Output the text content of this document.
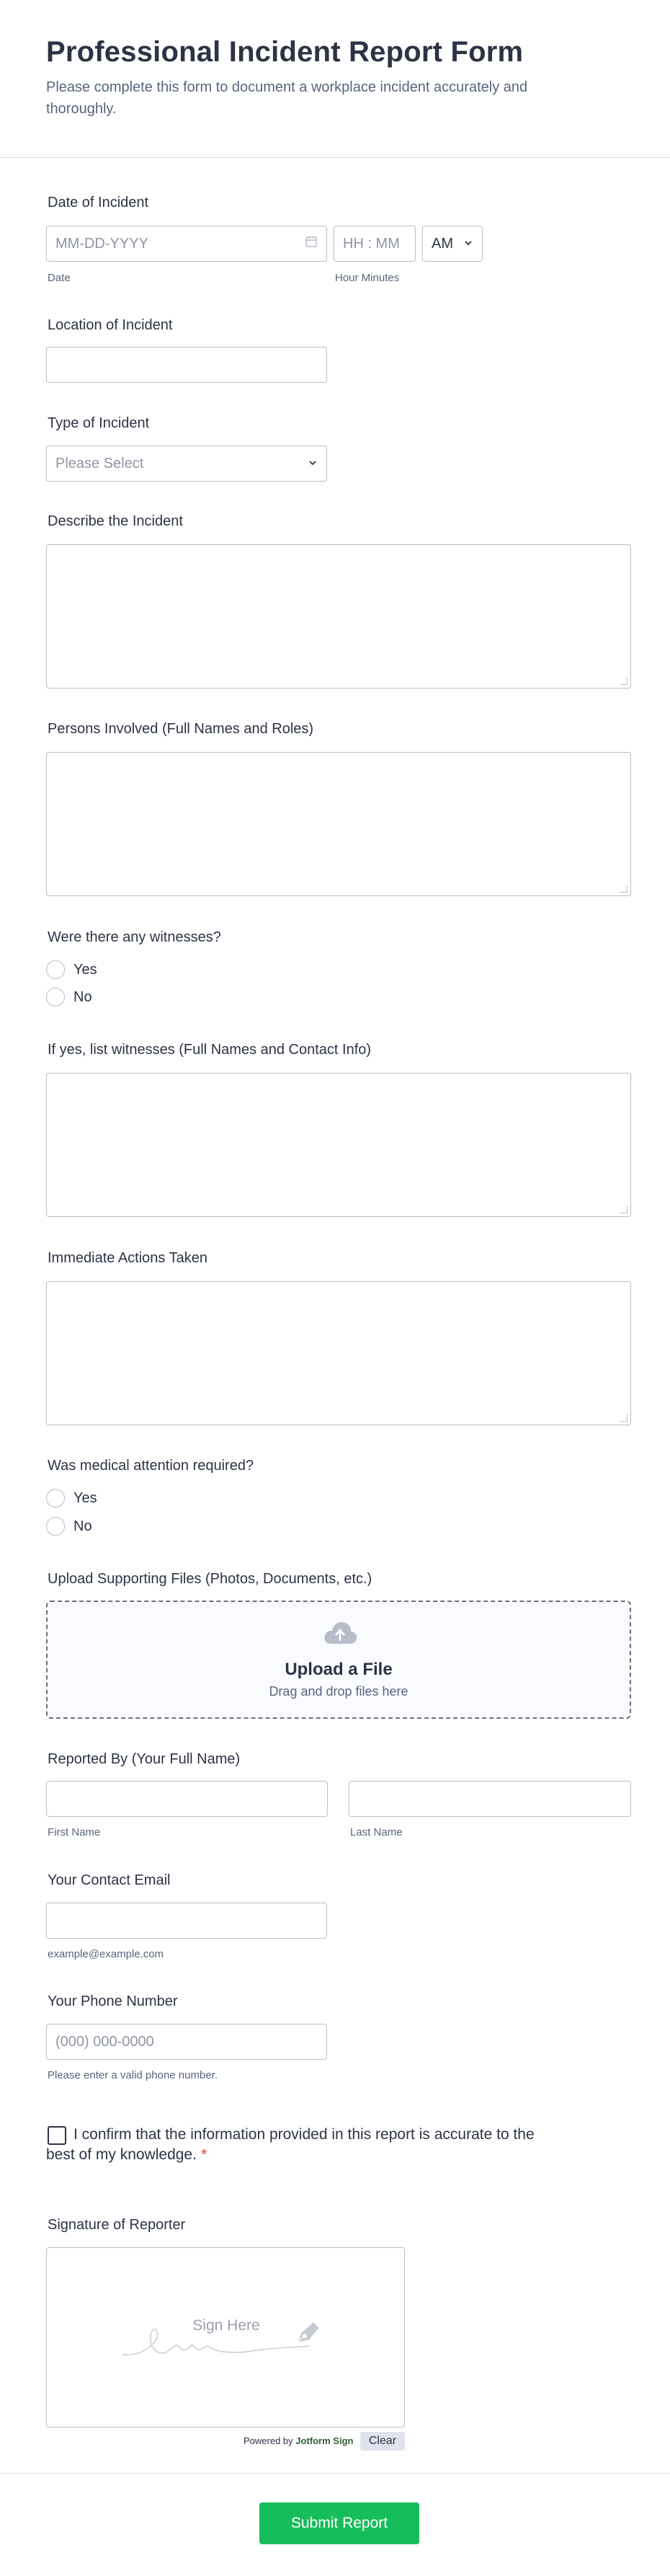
Professional Incident Report Form
Please complete this form to document a workplace incident accurately and thoroughly.
Date of Incident
MM-DD-YYYY
Date
HH : MM
Hour Minutes
AM
Location of Incident
Type of Incident
Please Select
Describe the Incident
Persons Involved (Full Names and Roles)
Were there any witnesses?
Yes
No
If yes, list witnesses (Full Names and Contact Info)
Immediate Actions Taken
Was medical attention required?
Yes
No
Upload Supporting Files (Photos, Documents, etc.)
Upload a File
Drag and drop files here
Reported By (Your Full Name)
First Name	Last Name
Your Contact Email
example@example.com
Your Phone Number
(000) 000-0000
Please enter a valid phone number.
I confirm that the information provided in this report is accurate to the best of my knowledge. *
Signature of Reporter
Sign Here
Powered by Jotform Sign	Clear
Submit Report
